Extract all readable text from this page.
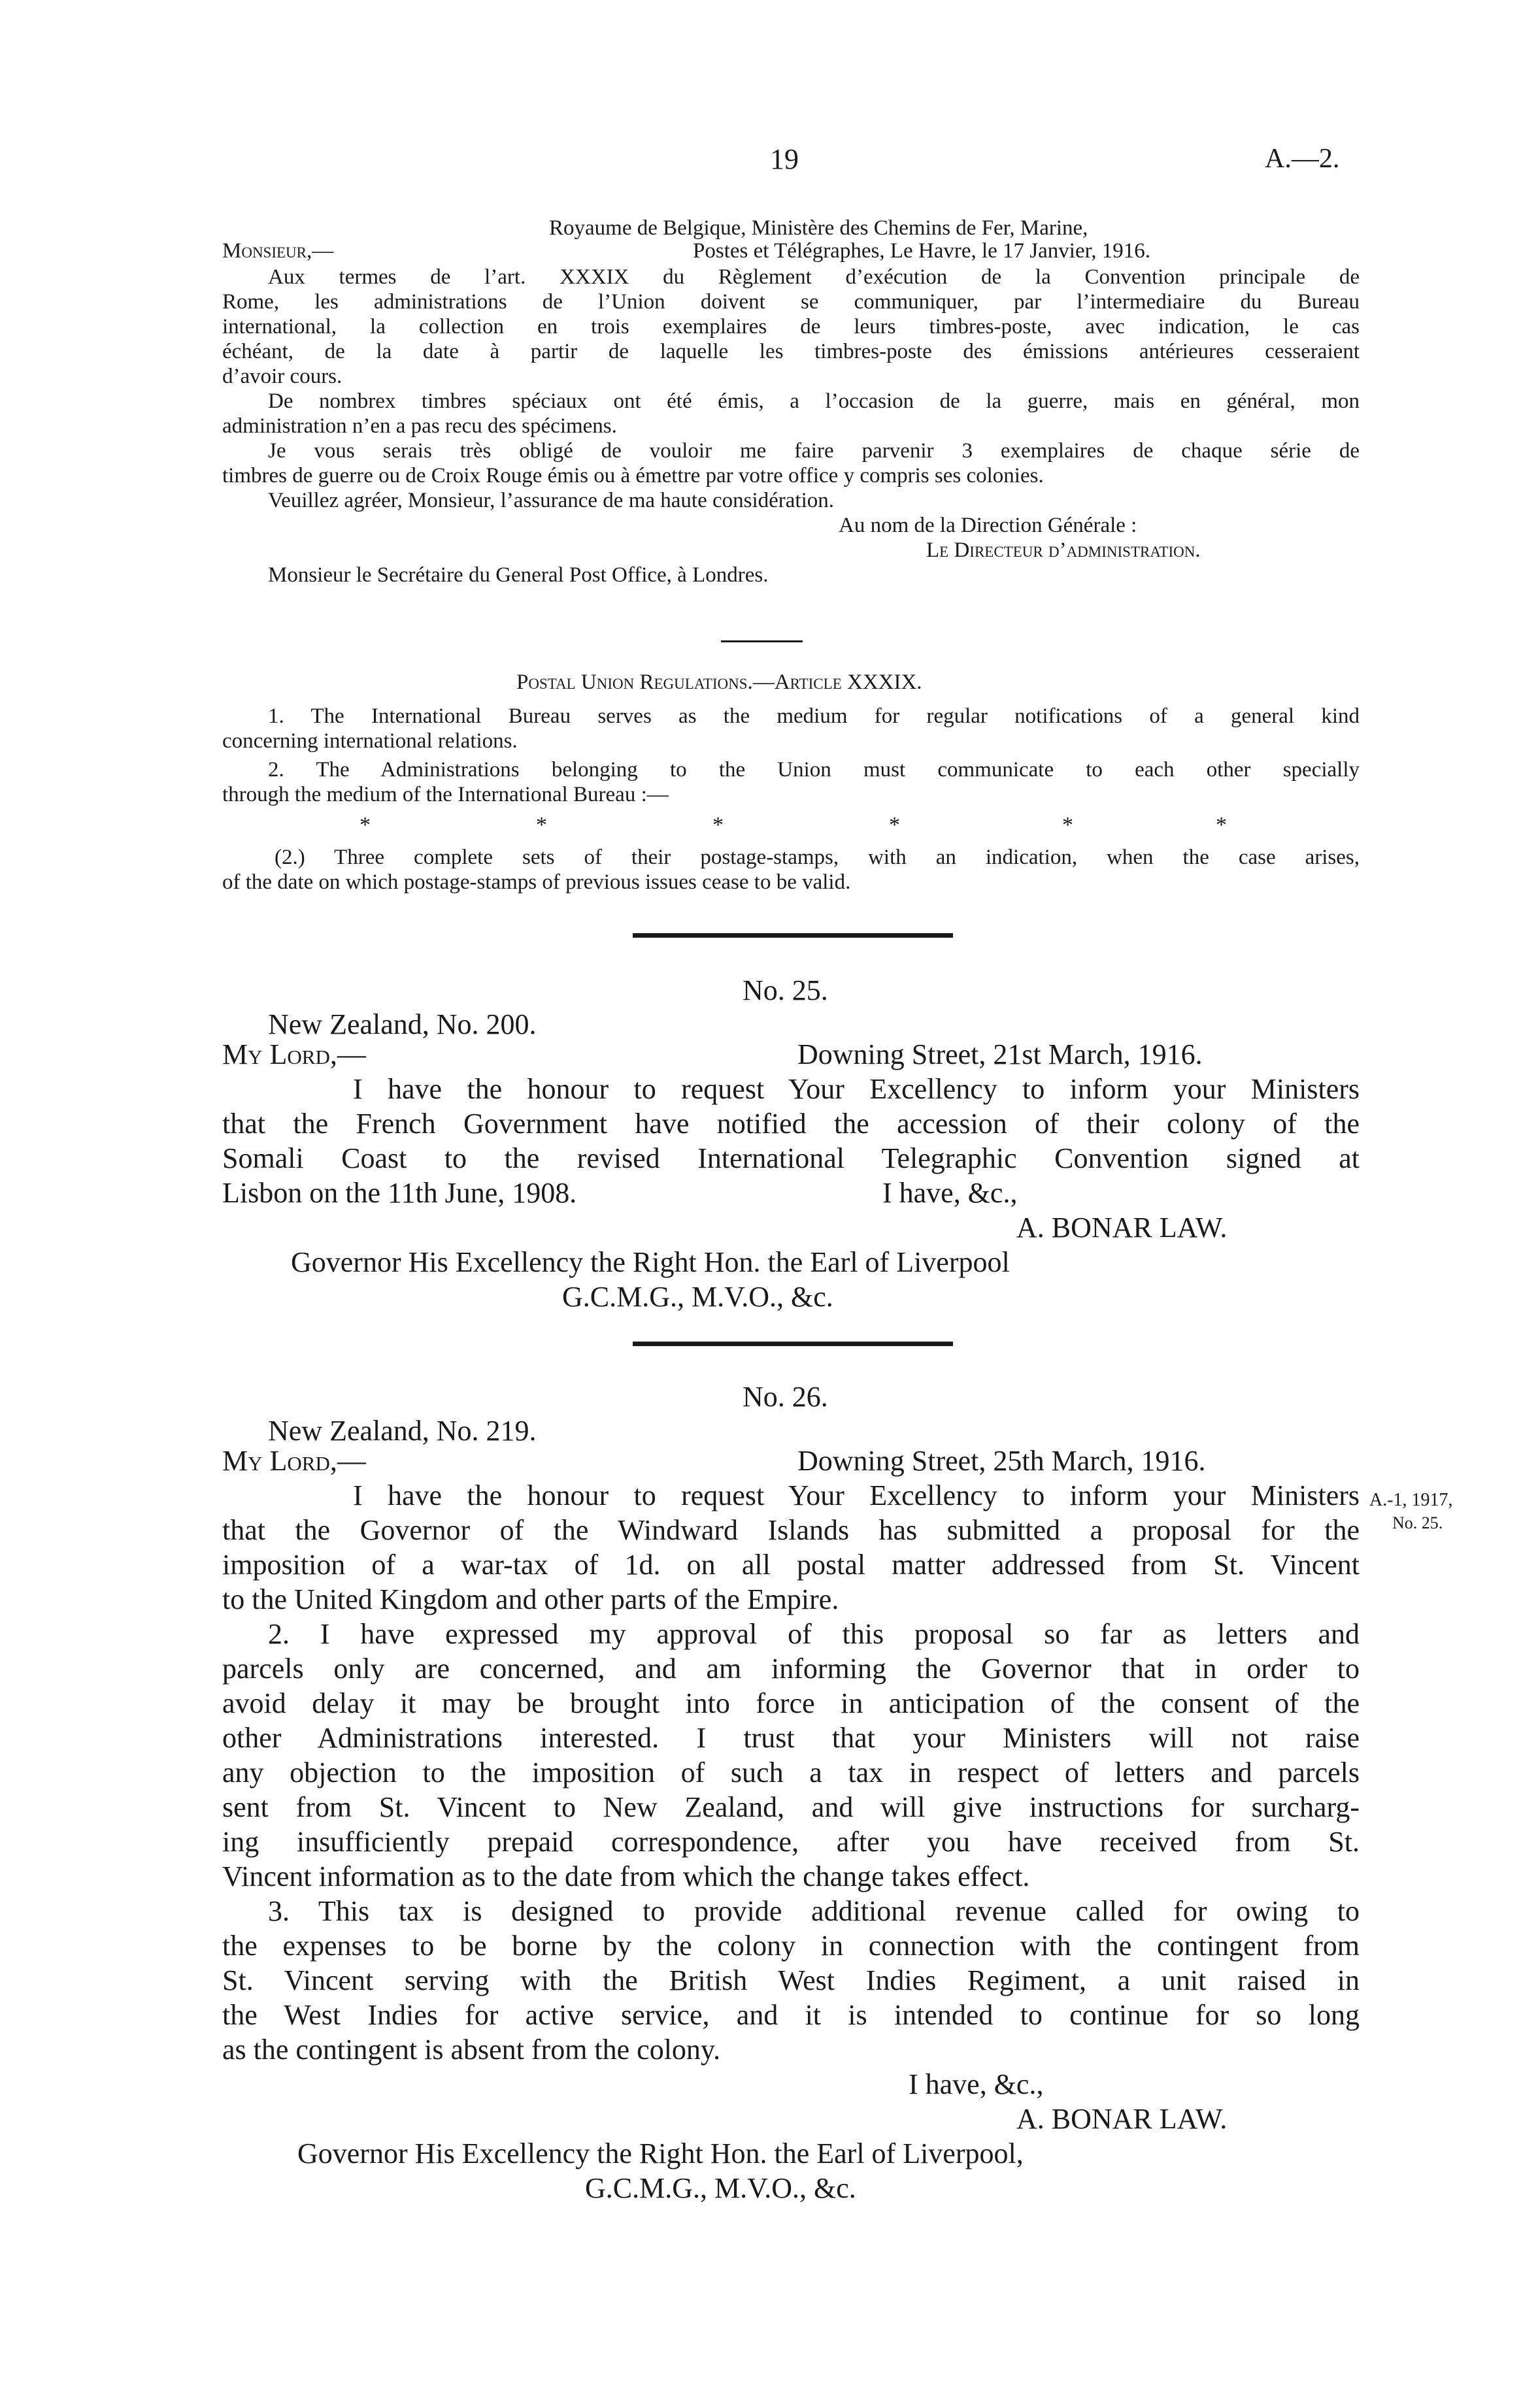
19	A.—2.
Royaume de Belgique, Ministère des Chemins de Fer, Marine,
Monsieur,—	Postes et Télégraphes, Le Havre, le 17 Janvier, 1916.
Aux termes de l’art. XXXIX du Règlement d’exécution de la Convention principale de
Rome, les administrations de l’Union doivent se communiquer, par l’intermediaire du Bureau
international, la collection en trois exemplaires de leurs timbres-poste, avec indication, le cas
échéant, de la date à partir de laquelle les timbres-poste des émissions antérieures cesseraient
d’avoir cours.
De nombrex timbres spéciaux ont été émis, a l’occasion de la guerre, mais en général, mon
administration n’en a pas recu des spécimens.
Je vous serais très obligé de vouloir me faire parvenir 3 exemplaires de chaque série de
timbres de guerre ou de Croix Rouge émis ou à émettre par votre office y compris ses colonies.
Veuillez agréer, Monsieur, l’assurance de ma haute considération.
Au nom de la Direction Générale :
Le Directeur d’administration.
Monsieur le Secrétaire du General Post Office, à Londres.
Postal Union Regulations.—Article XXXIX.
1. The International Bureau serves as the medium for regular notifications of a general kind
concerning international relations.
2. The Administrations belonging to the Union must communicate to each other specially
through the medium of the International Bureau :—
*	*	*	*	*	*
(2.) Three complete sets of their postage-stamps, with an indication, when the case arises,
of the date on which postage-stamps of previous issues cease to be valid.
No. 25.
New Zealand, No. 200.
My Lord,—	Downing Street, 21st March, 1916.
I have the honour to request Your Excellency to inform your Ministers
that the French Government have notified the accession of their colony of the
Somali Coast to the revised International Telegraphic Convention signed at
Lisbon on the 11th June, 1908.	I have, &c.,
A. BONAR LAW.
Governor His Excellency the Right Hon. the Earl of Liverpool
G.C.M.G., M.V.O., &c.
No. 26.
New Zealand, No. 219.
My Lord,—	Downing Street, 25th March, 1916.
I have the honour to request Your Excellency to inform your Ministers
that the Governor of the Windward Islands has submitted a proposal for the
imposition of a war-tax of 1d. on all postal matter addressed from St. Vincent
to the United Kingdom and other parts of the Empire.
A.-1, 1917,
No. 25.
2. I have expressed my approval of this proposal so far as letters and
parcels only are concerned, and am informing the Governor that in order to
avoid delay it may be brought into force in anticipation of the consent of the
other Administrations interested. I trust that your Ministers will not raise
any objection to the imposition of such a tax in respect of letters and parcels
sent from St. Vincent to New Zealand, and will give instructions for surcharg-
ing insufficiently prepaid correspondence, after you have received from St.
Vincent information as to the date from which the change takes effect.
3. This tax is designed to provide additional revenue called for owing to
the expenses to be borne by the colony in connection with the contingent from
St. Vincent serving with the British West Indies Regiment, a unit raised in
the West Indies for active service, and it is intended to continue for so long
as the contingent is absent from the colony.
I have, &c.,
A. BONAR LAW.
Governor His Excellency the Right Hon. the Earl of Liverpool,
G.C.M.G., M.V.O., &c.
